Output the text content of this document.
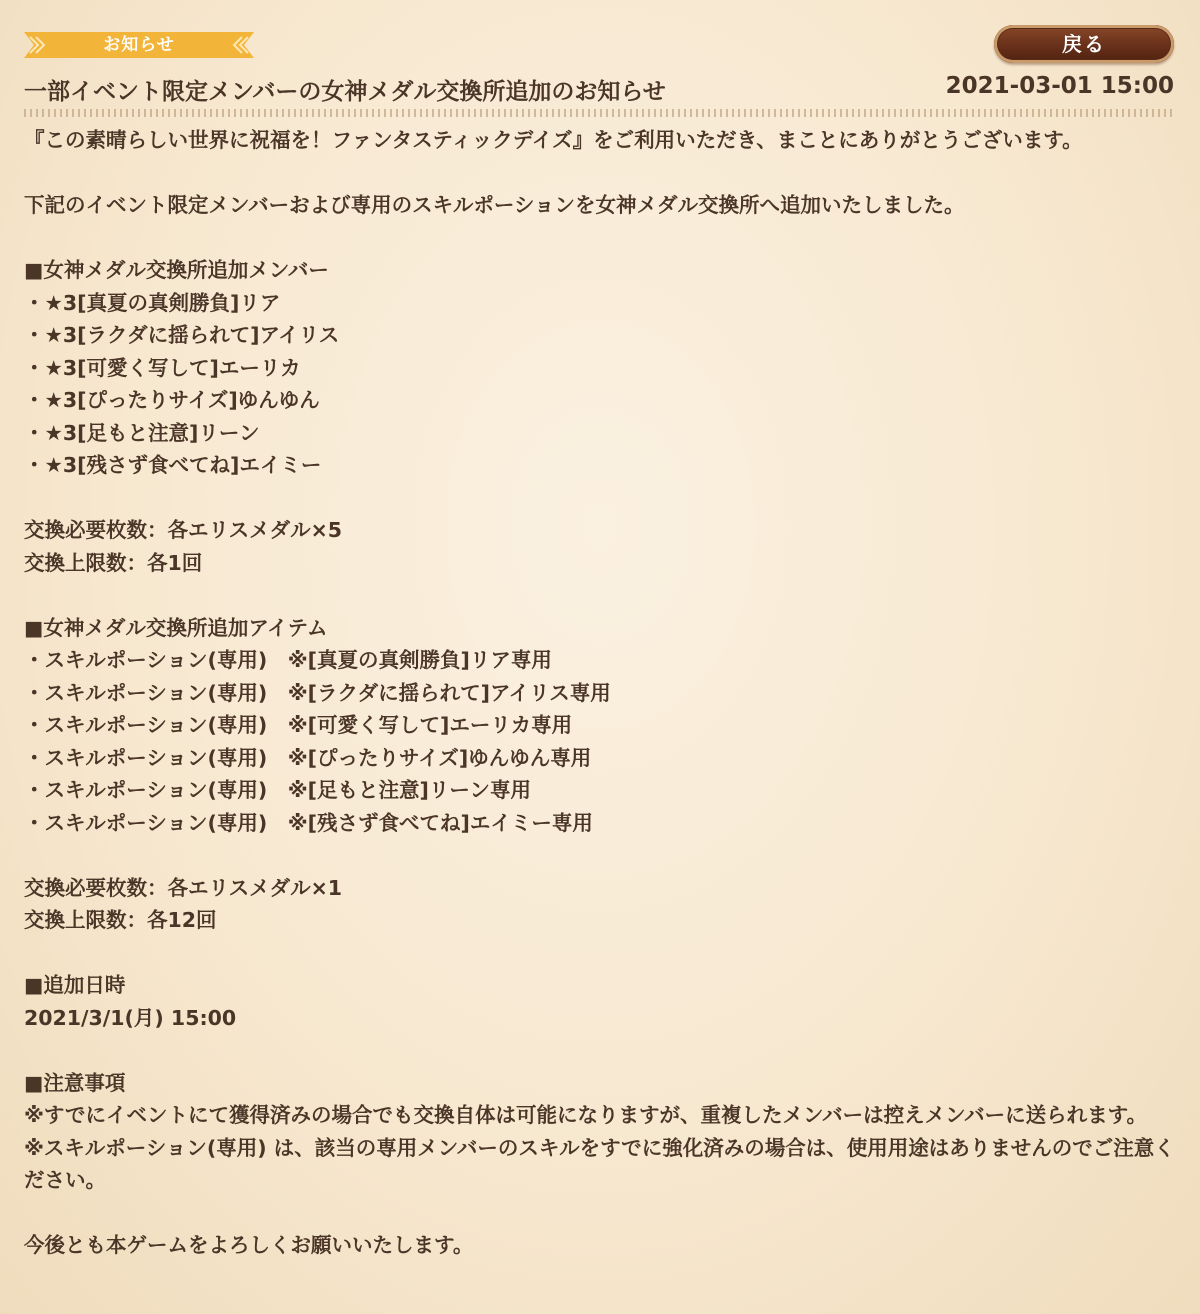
お知らせ	戻る
一部イベント限定メンバーの女神メダル交換所追加のお知らせ	2021-03-01 15:00
『この素晴らしい世界に祝福を！ファンタスティックデイズ』をご利用いただき、まことにありがとうございます。
下記のイベント限定メンバーおよび専用のスキルポーションを女神メダル交換所へ追加いたしました。
■女神メダル交換所追加メンバー
・★3[真夏の真剣勝負]リア
・★3[ラクダに揺られて]アイリス
・★3[可愛く写して]エーリカ
・★3[ぴったりサイズ]ゆんゆん
・★3[足もと注意]リーン
・★3[残さず食べてね]エイミー
交換必要枚数：各エリスメダル×5
交換上限数：各1回
■女神メダル交換所追加アイテム
・スキルポーション(専用)　※[真夏の真剣勝負]リア専用
・スキルポーション(専用)　※[ラクダに揺られて]アイリス専用
・スキルポーション(専用)　※[可愛く写して]エーリカ専用
・スキルポーション(専用)　※[ぴったりサイズ]ゆんゆん専用
・スキルポーション(専用)　※[足もと注意]リーン専用
・スキルポーション(専用)　※[残さず食べてね]エイミー専用
交換必要枚数：各エリスメダル×1
交換上限数：各12回
■追加日時
2021/3/1(月) 15:00
■注意事項
※すでにイベントにて獲得済みの場合でも交換自体は可能になりますが、重複したメンバーは控えメンバーに送られます。
※スキルポーション(専用) は、該当の専用メンバーのスキルをすでに強化済みの場合は、使用用途はありませんのでご注意ください。
今後とも本ゲームをよろしくお願いいたします。
